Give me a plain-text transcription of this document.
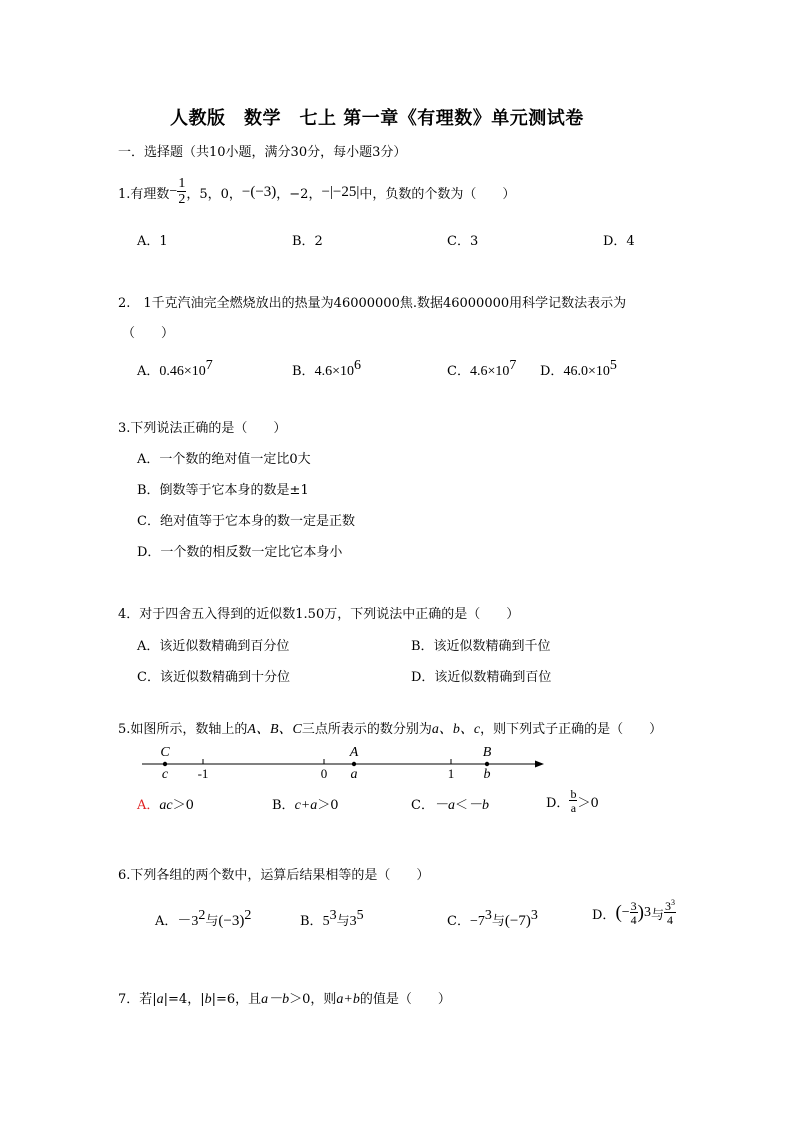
人教版　数学　七上 第一章《有理数》单元测试卷
一．选择题（共10小题，满分30分，每小题3分）
1.有理数 − $\frac{1}{2}$ ，5，0， −(−3) ，−2， −|−25| 中，负数的个数为（　　）
A．1	B．2	C．3	D．4
2.　1千克汽油完全燃烧放出的热量为46000000焦.数据46000000用科学记数法表示为
（　　）
A．$0.46\times 10^7$	B．$4.6\times 10^6$	C．$4.6\times 10^7$ D．$46.0\times 10^5$
3.下列说法正确的是（　　）
A．一个数的绝对值一定比0大
B．倒数等于它本身的数是±1
C．绝对值等于它本身的数一定是正数
D．一个数的相反数一定比它本身小
4．对于四舍五入得到的近似数1.50万，下列说法中正确的是（　　）
A．该近似数精确到百分位	B．该近似数精确到千位
C．该近似数精确到十分位	D．该近似数精确到百位
5.如图所示，数轴上的A、B、C三点所表示的数分别为a、b、c，则下列式子正确的是（　　）
C	A	B
c -1	0 a	1 b
A．ac＞0	B．c+a＞0	C．－a＜－b	D． $\frac{b}{a} >0$
6.下列各组的两个数中，运算后结果相等的是（　　）
A．$-3^2$与$(-3)^2$	B．$5^3$与$3^5$	C．$-7^3$与$(-7)^3$	D． ( − $\frac{3}{4}$ ) 3 与 $\frac{3^3}{4}$
7．若|a|=4，|b|=6，且a－b＞0，则a+b的值是（　　）
